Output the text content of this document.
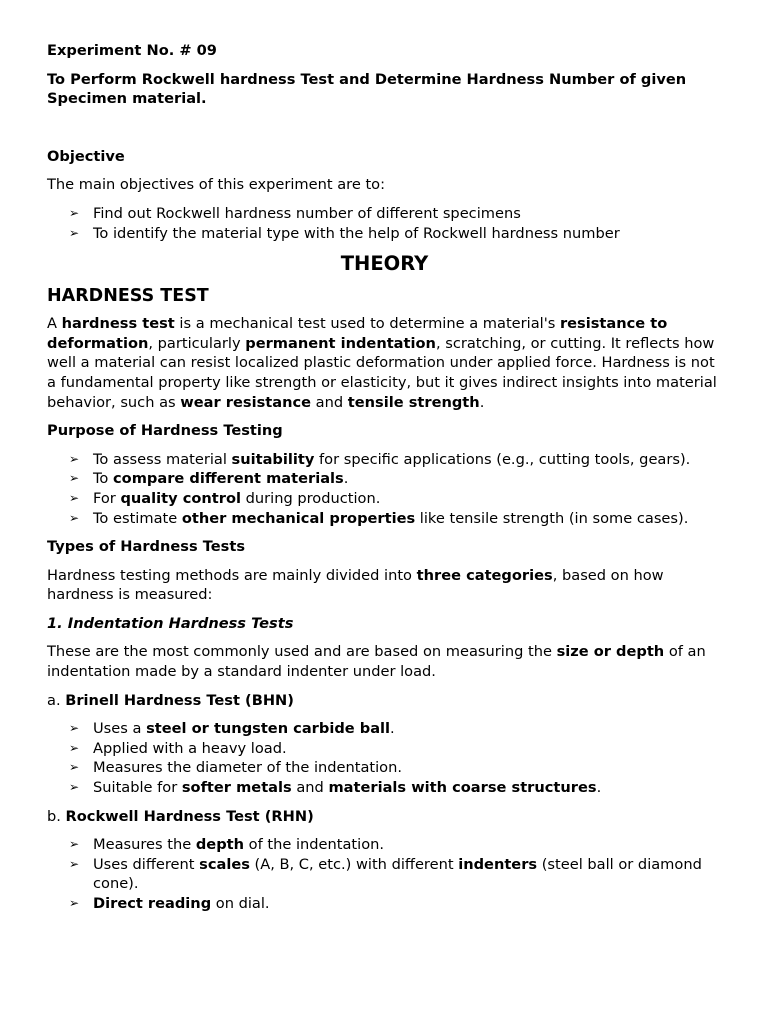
Experiment No. # 09

To Perform Rockwell hardness Test and Determine Hardness Number of given Specimen material.

Objective

The main objectives of this experiment are to:

➢ Find out Rockwell hardness number of different specimens
➢ To identify the material type with the help of Rockwell hardness number

THEORY

HARDNESS TEST

A hardness test is a mechanical test used to determine a material's resistance to deformation, particularly permanent indentation, scratching, or cutting. It reflects how well a material can resist localized plastic deformation under applied force. Hardness is not a fundamental property like strength or elasticity, but it gives indirect insights into material behavior, such as wear resistance and tensile strength.

Purpose of Hardness Testing

➢ To assess material suitability for specific applications (e.g., cutting tools, gears).
➢ To compare different materials.
➢ For quality control during production.
➢ To estimate other mechanical properties like tensile strength (in some cases).

Types of Hardness Tests

Hardness testing methods are mainly divided into three categories, based on how hardness is measured:

1. Indentation Hardness Tests

These are the most commonly used and are based on measuring the size or depth of an indentation made by a standard indenter under load.

a. Brinell Hardness Test (BHN)

➢ Uses a steel or tungsten carbide ball.
➢ Applied with a heavy load.
➢ Measures the diameter of the indentation.
➢ Suitable for softer metals and materials with coarse structures.

b. Rockwell Hardness Test (RHN)

➢ Measures the depth of the indentation.
➢ Uses different scales (A, B, C, etc.) with different indenters (steel ball or diamond cone).
➢ Direct reading on dial.
